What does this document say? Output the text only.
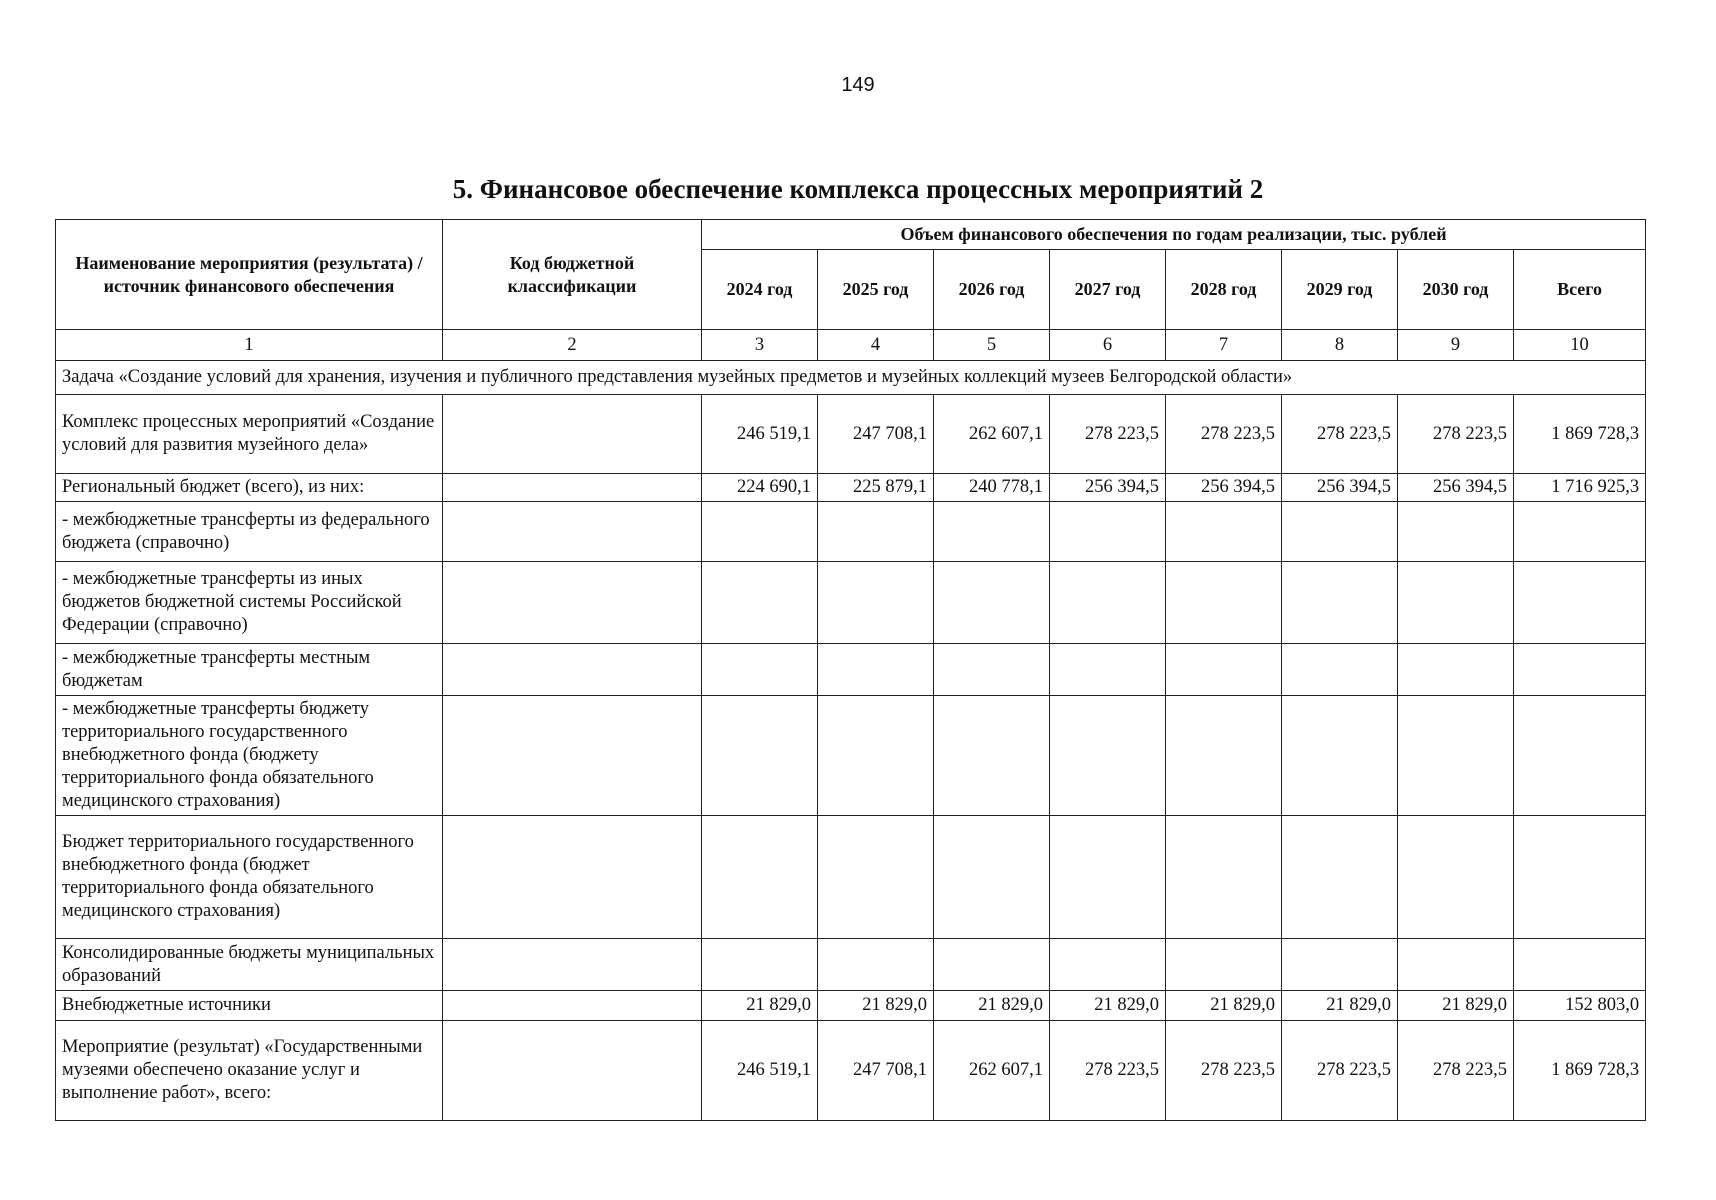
149
5. Финансовое обеспечение комплекса процессных мероприятий 2
Наименование мероприятия (результата) / источник финансового обеспечения	Код бюджетной классификации	Объем финансового обеспечения по годам реализации, тыс. рублей							
		2024 год	2025 год	2026 год	2027 год	2028 год	2029 год	2030 год	Всего
1	2	3	4	5	6	7	8	9	10
Задача «Создание условий для хранения, изучения и публичного представления музейных предметов и музейных коллекций музеев Белгородской области»									
Комплекс процессных мероприятий «Создание условий для развития музейного дела»		246 519,1	247 708,1	262 607,1	278 223,5	278 223,5	278 223,5	278 223,5	1 869 728,3
Региональный бюджет (всего), из них:		224 690,1	225 879,1	240 778,1	256 394,5	256 394,5	256 394,5	256 394,5	1 716 925,3
- межбюджетные трансферты из федерального бюджета (справочно)									
- межбюджетные трансферты из иных бюджетов бюджетной системы Российской Федерации (справочно)									
- межбюджетные трансферты местным бюджетам									
- межбюджетные трансферты бюджету территориального государственного внебюджетного фонда (бюджету территориального фонда обязательного медицинского страхования)									
Бюджет территориального государственного внебюджетного фонда (бюджет территориального фонда обязательного медицинского страхования)									
Консолидированные бюджеты муниципальных образований									
Внебюджетные источники		21 829,0	21 829,0	21 829,0	21 829,0	21 829,0	21 829,0	21 829,0	152 803,0
Мероприятие (результат) «Государственными музеями обеспечено оказание услуг и выполнение работ», всего:		246 519,1	247 708,1	262 607,1	278 223,5	278 223,5	278 223,5	278 223,5	1 869 728,3
